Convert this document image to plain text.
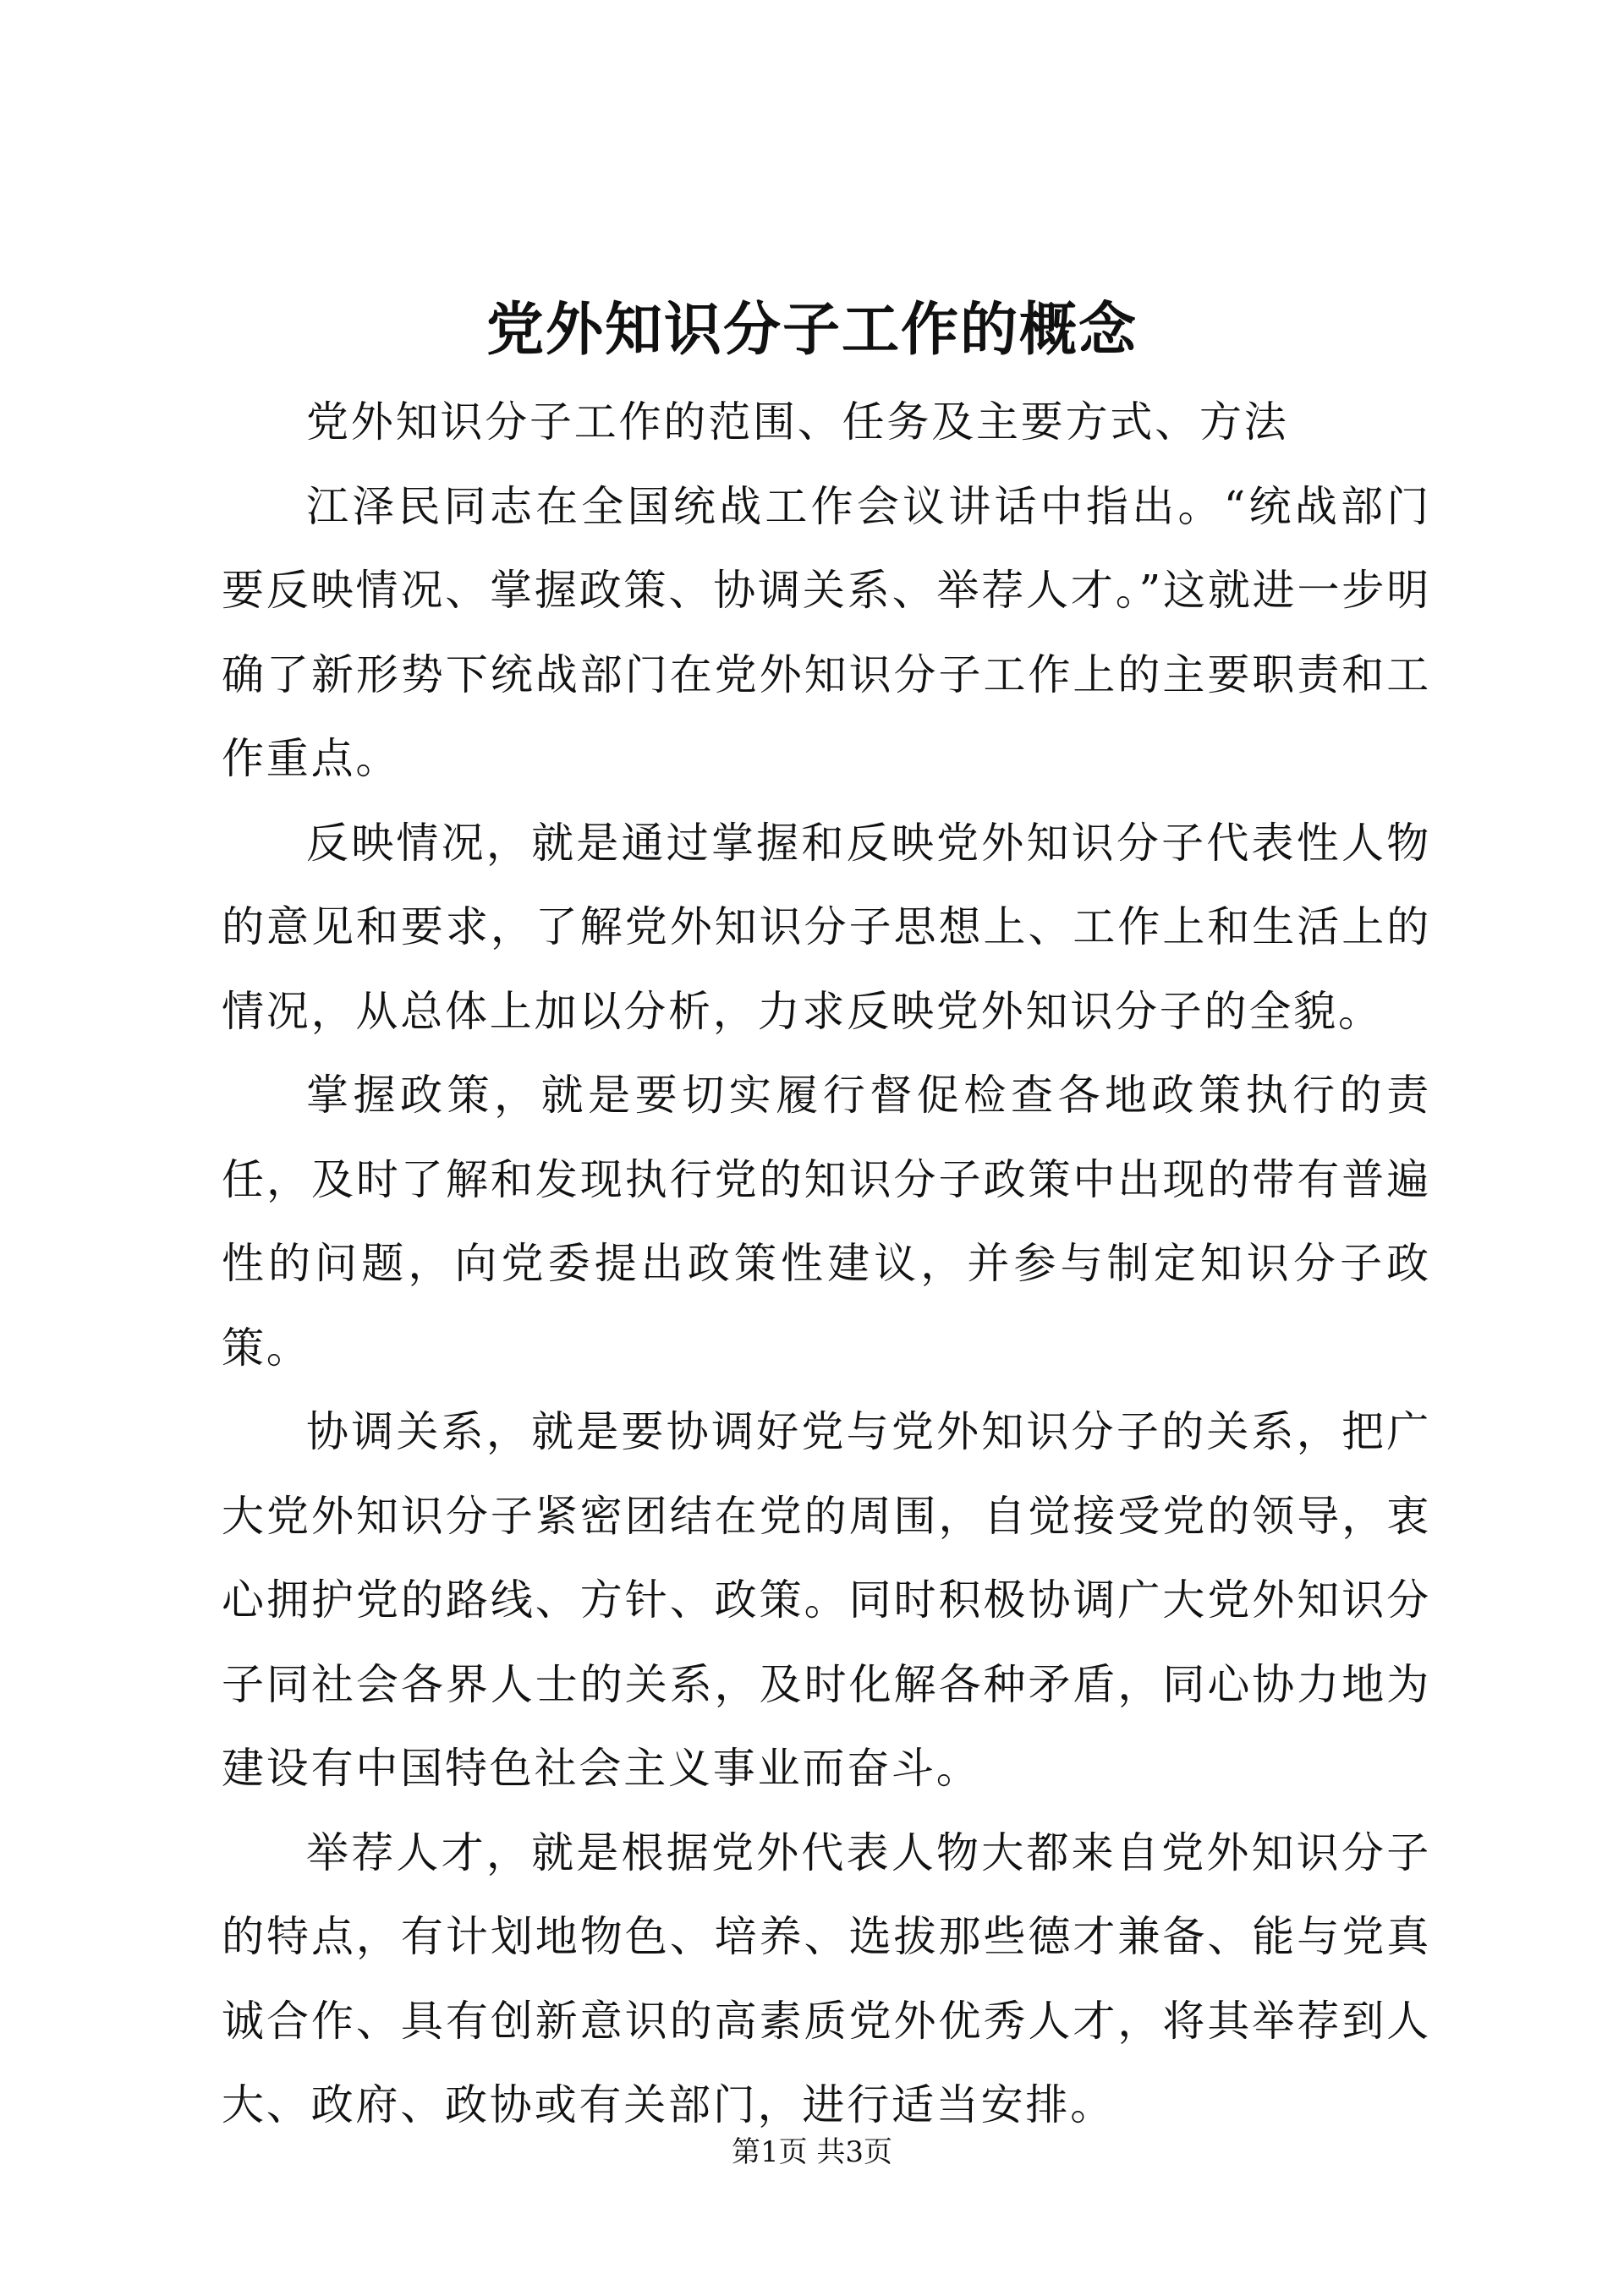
党外知识分子工作的概念

党外知识分子工作的范围、任务及主要方式、方法

江泽民同志在全国统战工作会议讲话中指出。“统战部门要反映情况、掌握政策、协调关系、举荐人才。”这就进一步明确了新形势下统战部门在党外知识分子工作上的主要职责和工作重点。

反映情况，就是通过掌握和反映党外知识分子代表性人物的意见和要求，了解党外知识分子思想上、工作上和生活上的情况，从总体上加以分析，力求反映党外知识分子的全貌。

掌握政策，就是要切实履行督促检查各地政策执行的责任，及时了解和发现执行党的知识分子政策中出现的带有普遍性的问题，向党委提出政策性建议，并参与制定知识分子政策。

协调关系，就是要协调好党与党外知识分子的关系，把广大党外知识分子紧密团结在党的周围，自觉接受党的领导，衷心拥护党的路线、方针、政策。同时积极协调广大党外知识分子同社会各界人士的关系，及时化解各种矛盾，同心协力地为建设有中国特色社会主义事业而奋斗。

举荐人才，就是根据党外代表人物大都来自党外知识分子的特点，有计划地物色、培养、选拔那些德才兼备、能与党真诚合作、具有创新意识的高素质党外优秀人才，将其举荐到人大、政府、政协或有关部门，进行适当安排。

第1页 共3页
